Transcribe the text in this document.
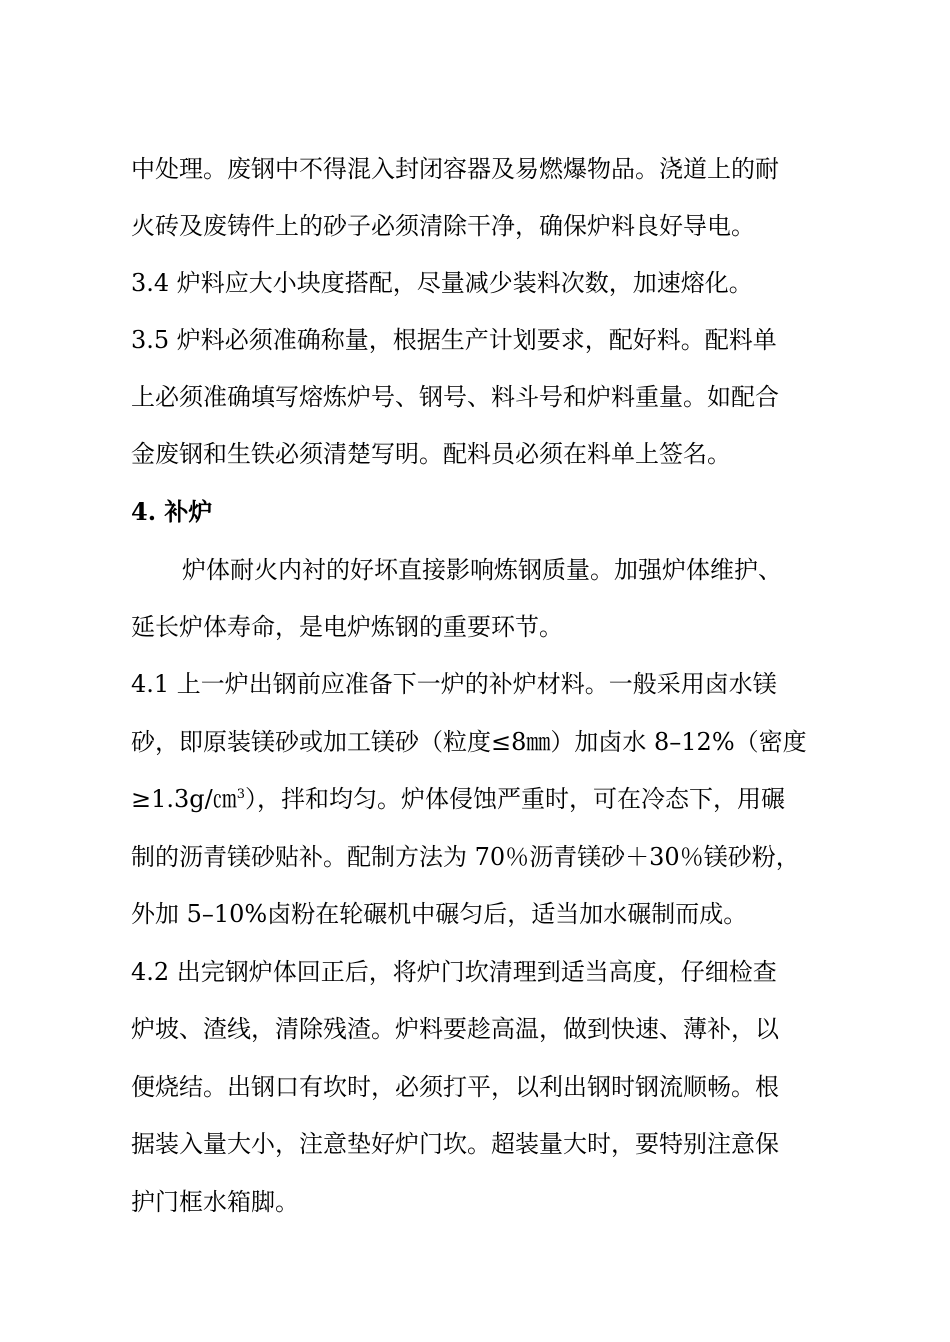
中处理。废钢中不得混入封闭容器及易燃爆物品。浇道上的耐
火砖及废铸件上的砂子必须清除干净，确保炉料良好导电。
3.4 炉料应大小块度搭配，尽量减少装料次数，加速熔化。
3.5 炉料必须准确称量，根据生产计划要求，配好料。配料单
上必须准确填写熔炼炉号、钢号、料斗号和炉料重量。如配合
金废钢和生铁必须清楚写明。配料员必须在料单上签名。
4. 补炉
炉体耐火内衬的好坏直接影响炼钢质量。加强炉体维护、
延长炉体寿命，是电炉炼钢的重要环节。
4.1 上一炉出钢前应准备下一炉的补炉材料。一般采用卤水镁
砂，即原装镁砂或加工镁砂（粒度≤8㎜）加卤水 8–12%（密度
≥1.3g/㎝$^3$），拌和均匀。炉体侵蚀严重时，可在冷态下，用碾
制的沥青镁砂贴补。配制方法为 70％沥青镁砂＋30％镁砂粉，
外加 5–10%卤粉在轮碾机中碾匀后，适当加水碾制而成。
4.2 出完钢炉体回正后，将炉门坎清理到适当高度，仔细检查
炉坡、渣线，清除残渣。炉料要趁高温，做到快速、薄补，以
便烧结。出钢口有坎时，必须打平，以利出钢时钢流顺畅。根
据装入量大小，注意垫好炉门坎。超装量大时，要特别注意保
护门框水箱脚。
